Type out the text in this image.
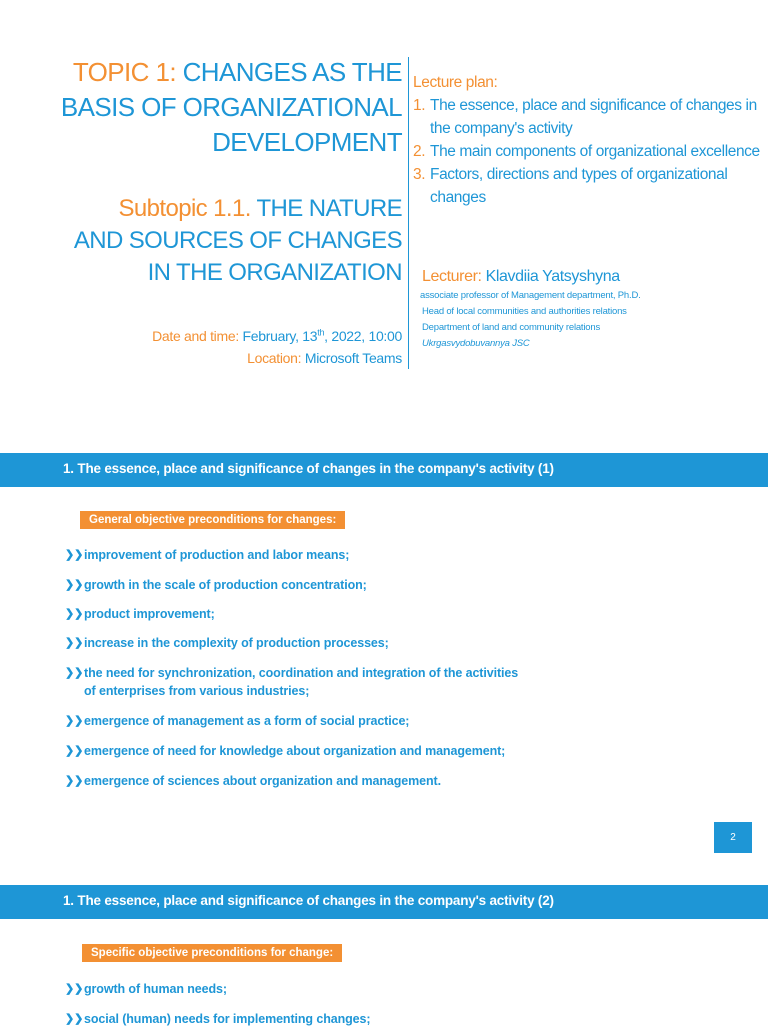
TOPIC 1: CHANGES AS THE
BASIS OF ORGANIZATIONAL
DEVELOPMENT
Subtopic 1.1. THE NATURE
AND SOURCES OF CHANGES
IN THE ORGANIZATION
Date and time: February, 13th, 2022, 10:00
Location: Microsoft Teams
Lecture plan:
1. The essence, place and significance of changes in the company's activity
2. The main components of organizational excellence
3. Factors, directions and types of organizational changes
Lecturer: Klavdiia Yatsyshyna
associate professor of Management department, Ph.D.
Head of local communities and authorities relations
Department of land and community relations
Ukrgasvydobuvannya JSC
1. The essence, place and significance of changes in the company's activity (1)
General objective preconditions for changes:
❯❯ improvement of production and labor means;
❯❯ growth in the scale of production concentration;
❯❯ product improvement;
❯❯ increase in the complexity of production processes;
❯❯ the need for synchronization, coordination and integration of the activities
of enterprises from various industries;
❯❯ emergence of management as a form of social practice;
❯❯ emergence of need for knowledge about organization and management;
❯❯ emergence of sciences about organization and management.
2
1. The essence, place and significance of changes in the company's activity (2)
Specific objective preconditions for change:
❯❯ growth of human needs;
❯❯ social (human) needs for implementing changes;
